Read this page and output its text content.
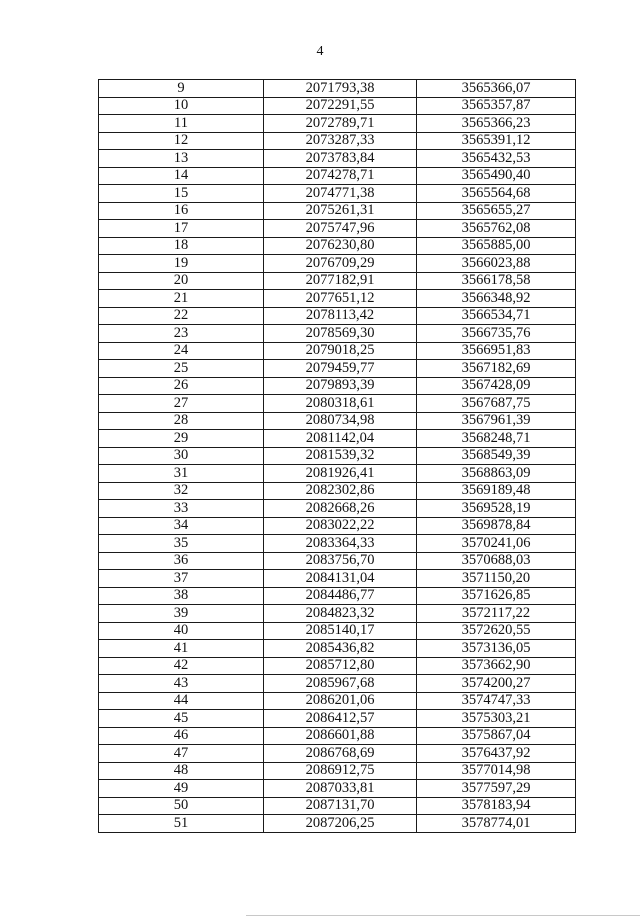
4
9	2071793,38	3565366,07
10	2072291,55	3565357,87
11	2072789,71	3565366,23
12	2073287,33	3565391,12
13	2073783,84	3565432,53
14	2074278,71	3565490,40
15	2074771,38	3565564,68
16	2075261,31	3565655,27
17	2075747,96	3565762,08
18	2076230,80	3565885,00
19	2076709,29	3566023,88
20	2077182,91	3566178,58
21	2077651,12	3566348,92
22	2078113,42	3566534,71
23	2078569,30	3566735,76
24	2079018,25	3566951,83
25	2079459,77	3567182,69
26	2079893,39	3567428,09
27	2080318,61	3567687,75
28	2080734,98	3567961,39
29	2081142,04	3568248,71
30	2081539,32	3568549,39
31	2081926,41	3568863,09
32	2082302,86	3569189,48
33	2082668,26	3569528,19
34	2083022,22	3569878,84
35	2083364,33	3570241,06
36	2083756,70	3570688,03
37	2084131,04	3571150,20
38	2084486,77	3571626,85
39	2084823,32	3572117,22
40	2085140,17	3572620,55
41	2085436,82	3573136,05
42	2085712,80	3573662,90
43	2085967,68	3574200,27
44	2086201,06	3574747,33
45	2086412,57	3575303,21
46	2086601,88	3575867,04
47	2086768,69	3576437,92
48	2086912,75	3577014,98
49	2087033,81	3577597,29
50	2087131,70	3578183,94
51	2087206,25	3578774,01
